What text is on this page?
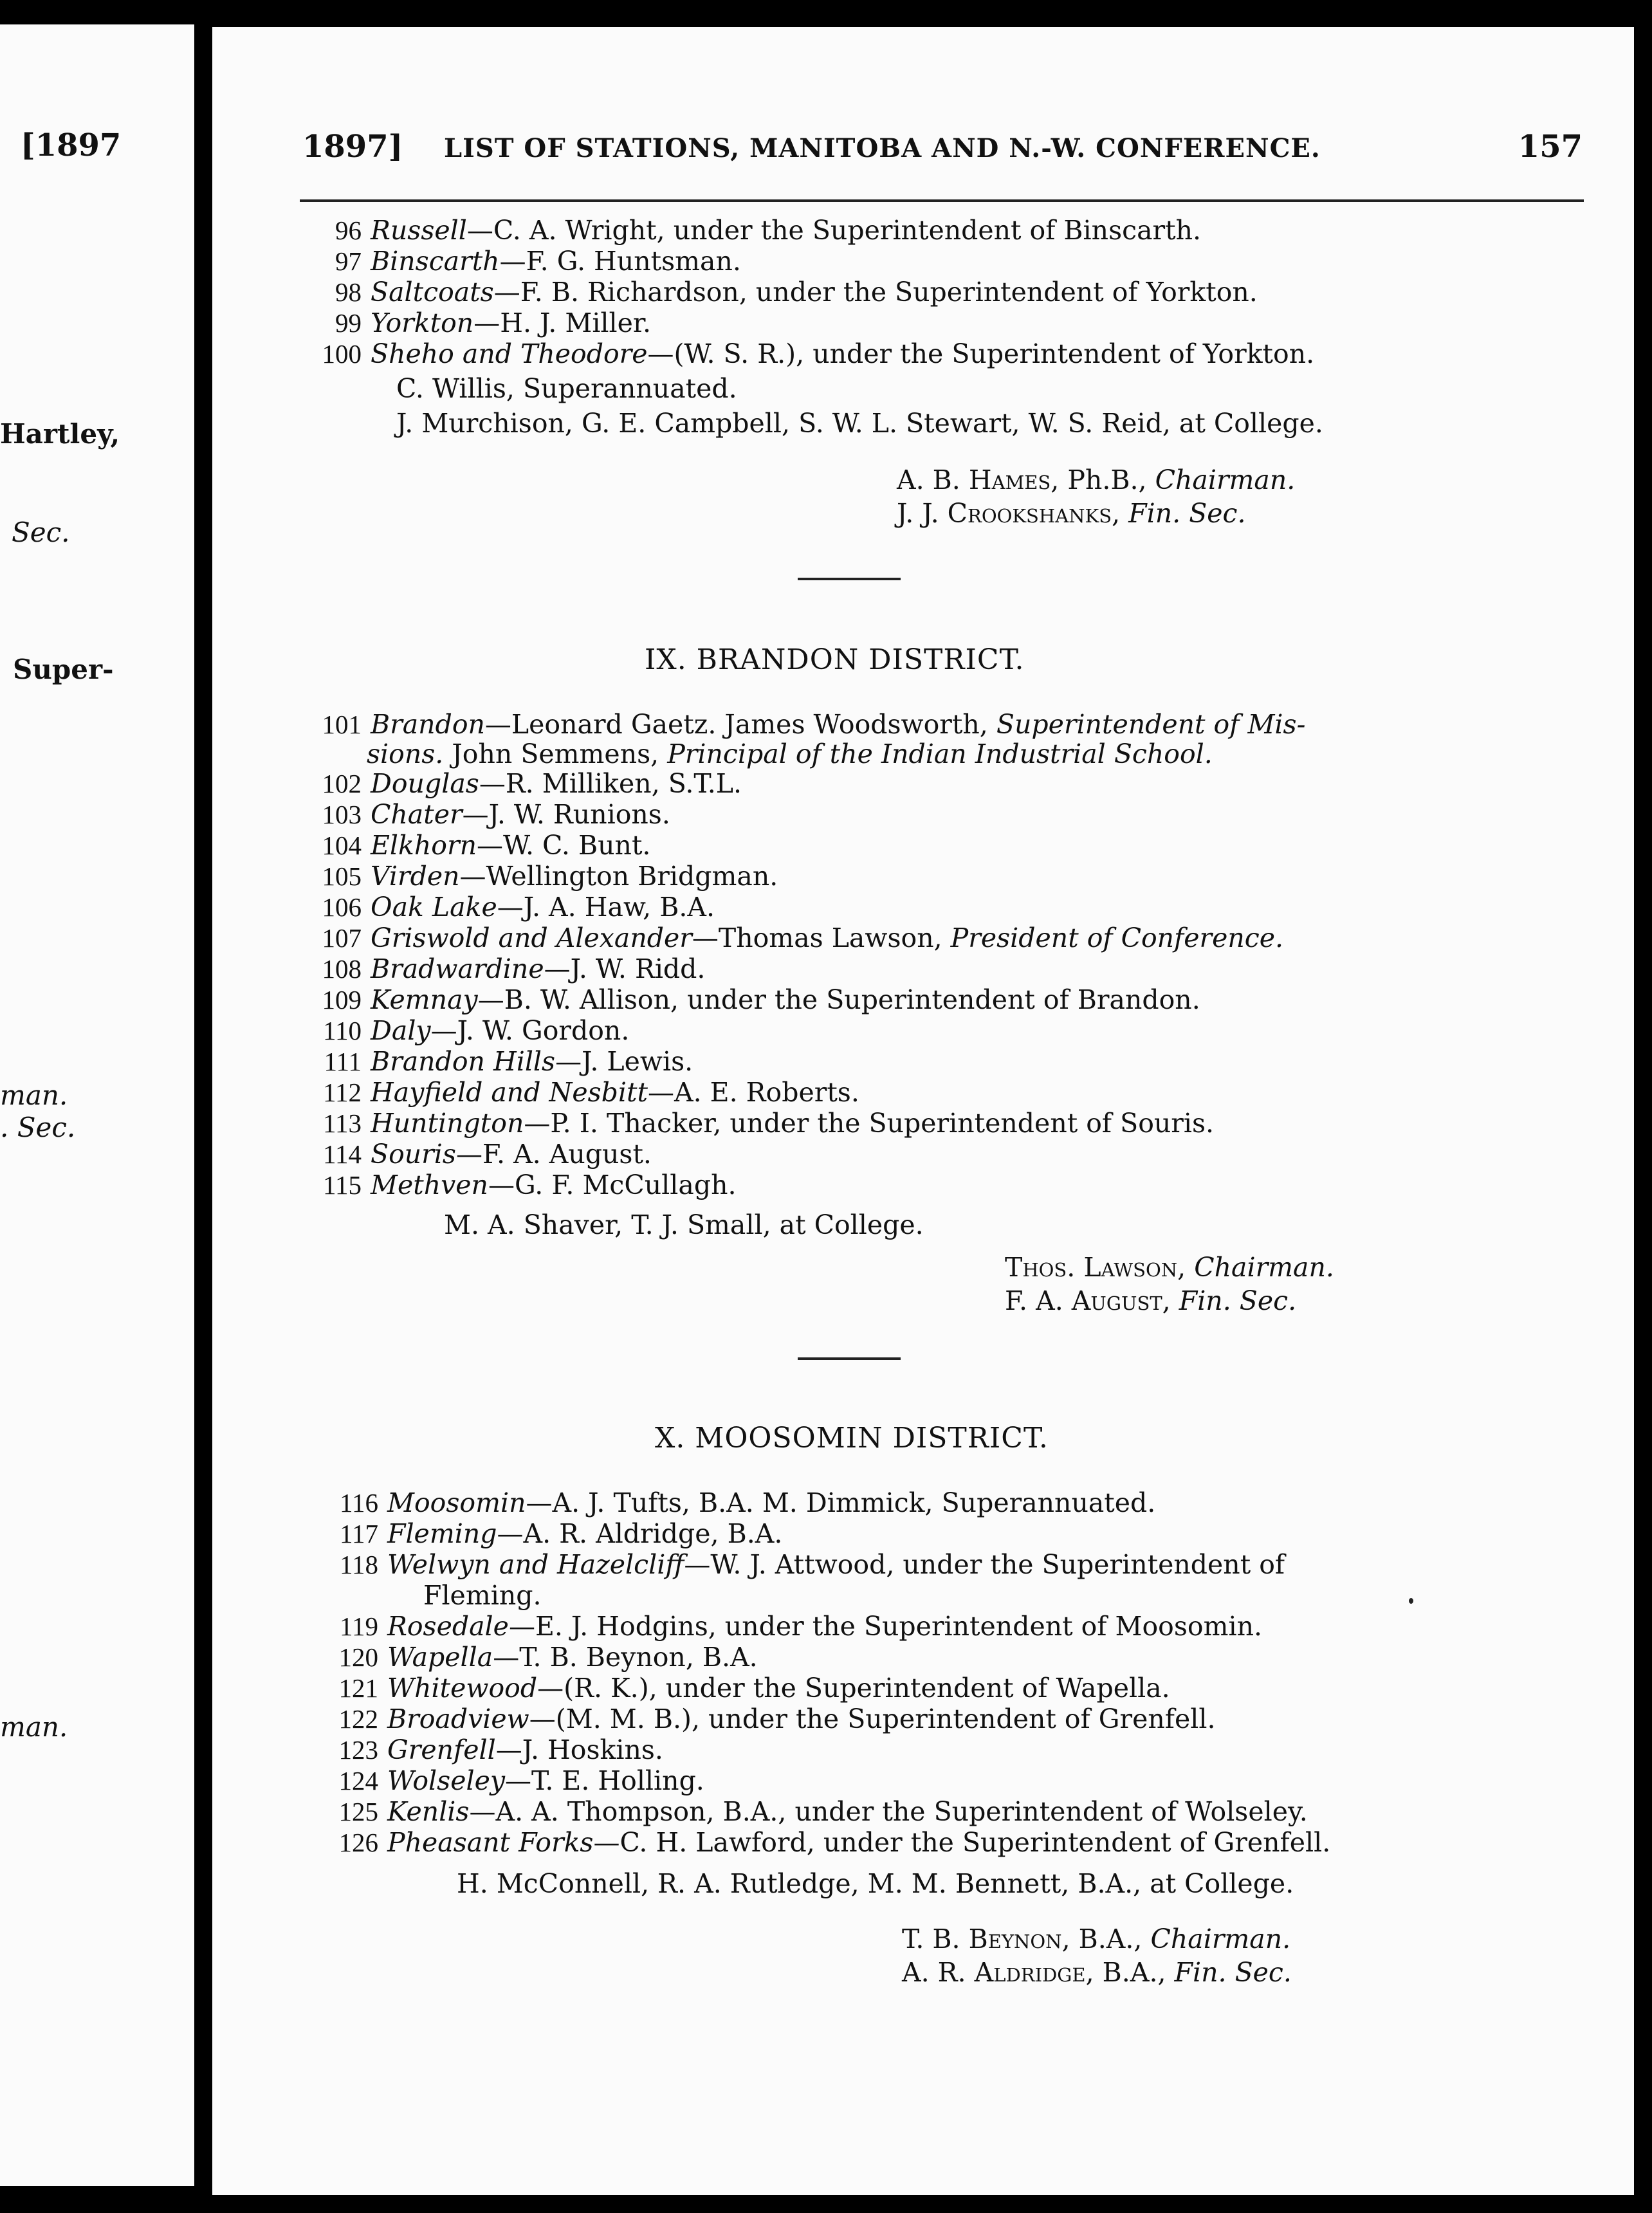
[1897
Hartley,
Sec.
Super-
man.
. Sec.
man.
1897] LIST OF STATIONS, MANITOBA AND N.-W. CONFERENCE.	157
96 Russell—C. A. Wright, under the Superintendent of Binscarth.
97 Binscarth—F. G. Huntsman.
98 Saltcoats—F. B. Richardson, under the Superintendent of Yorkton.
99 Yorkton—H. J. Miller.
100 Sheho and Theodore—(W. S. R.), under the Superintendent of Yorkton.
C. Willis, Superannuated.
J. Murchison, G. E. Campbell, S. W. L. Stewart, W. S. Reid, at College.
A. B. Hames, Ph.B., Chairman.
J. J. Crookshanks, Fin. Sec.
IX. BRANDON DISTRICT.
101 Brandon—Leonard Gaetz. James Woodsworth, Superintendent of Mis-
sions. John Semmens, Principal of the Indian Industrial School.
102 Douglas—R. Milliken, S.T.L.
103 Chater—J. W. Runions.
104 Elkhorn—W. C. Bunt.
105 Virden—Wellington Bridgman.
106 Oak Lake—J. A. Haw, B.A.
107 Griswold and Alexander—Thomas Lawson, President of Conference.
108 Bradwardine—J. W. Ridd.
109 Kemnay—B. W. Allison, under the Superintendent of Brandon.
110 Daly—J. W. Gordon.
111 Brandon Hills—J. Lewis.
112 Hayfield and Nesbitt—A. E. Roberts.
113 Huntington—P. I. Thacker, under the Superintendent of Souris.
114 Souris—F. A. August.
115 Methven—G. F. McCullagh.
M. A. Shaver, T. J. Small, at College.
Thos. Lawson, Chairman.
F. A. August, Fin. Sec.
X. MOOSOMIN DISTRICT.
116 Moosomin—A. J. Tufts, B.A. M. Dimmick, Superannuated.
117 Fleming—A. R. Aldridge, B.A.
118 Welwyn and Hazelcliff—W. J. Attwood, under the Superintendent of
Fleming.
119 Rosedale—E. J. Hodgins, under the Superintendent of Moosomin.
120 Wapella—T. B. Beynon, B.A.
121 Whitewood—(R. K.), under the Superintendent of Wapella.
122 Broadview—(M. M. B.), under the Superintendent of Grenfell.
123 Grenfell—J. Hoskins.
124 Wolseley—T. E. Holling.
125 Kenlis—A. A. Thompson, B.A., under the Superintendent of Wolseley.
126 Pheasant Forks—C. H. Lawford, under the Superintendent of Grenfell.
H. McConnell, R. A. Rutledge, M. M. Bennett, B.A., at College.
T. B. Beynon, B.A., Chairman.
A. R. Aldridge, B.A., Fin. Sec.
